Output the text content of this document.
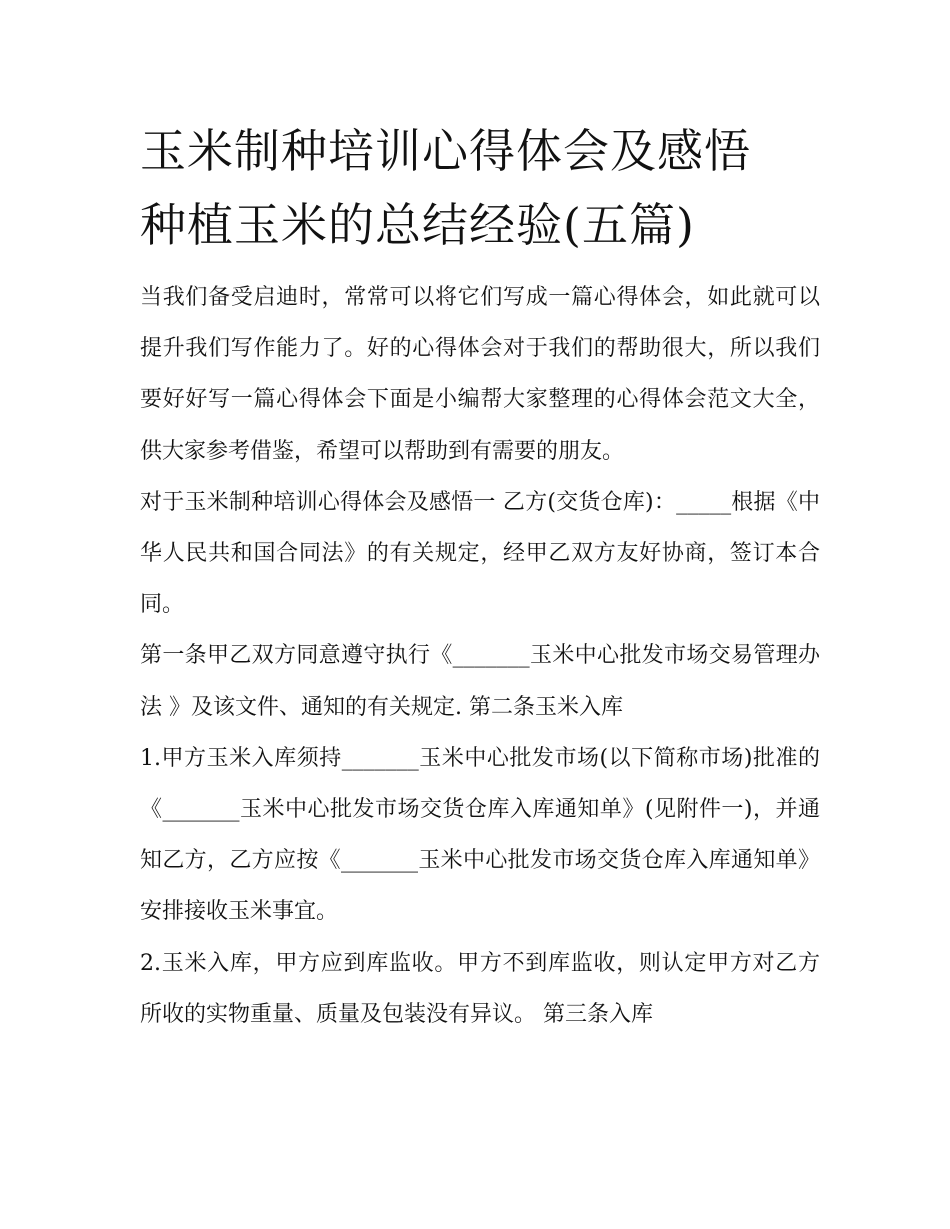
玉米制种培训心得体会及感悟
种植玉米的总结经验(五篇)

当我们备受启迪时，常常可以将它们写成一篇心得体会，如此就可以提升我们写作能力了。好的心得体会对于我们的帮助很大，所以我们要好好写一篇心得体会下面是小编帮大家整理的心得体会范文大全，供大家参考借鉴，希望可以帮助到有需要的朋友。

对于玉米制种培训心得体会及感悟一 乙方(交货仓库)：_____根据《中华人民共和国合同法》的有关规定，经甲乙双方友好协商，签订本合同。

第一条甲乙双方同意遵守执行《_______玉米中心批发市场交易管理办法 》及该文件、通知的有关规定. 第二条玉米入库

1.甲方玉米入库须持_______玉米中心批发市场(以下简称市场)批准的《_______玉米中心批发市场交货仓库入库通知单》(见附件一)，并通知乙方，乙方应按《_______玉米中心批发市场交货仓库入库通知单》安排接收玉米事宜。

2.玉米入库，甲方应到库监收。甲方不到库监收，则认定甲方对乙方所收的实物重量、质量及包装没有异议。 第三条入库
